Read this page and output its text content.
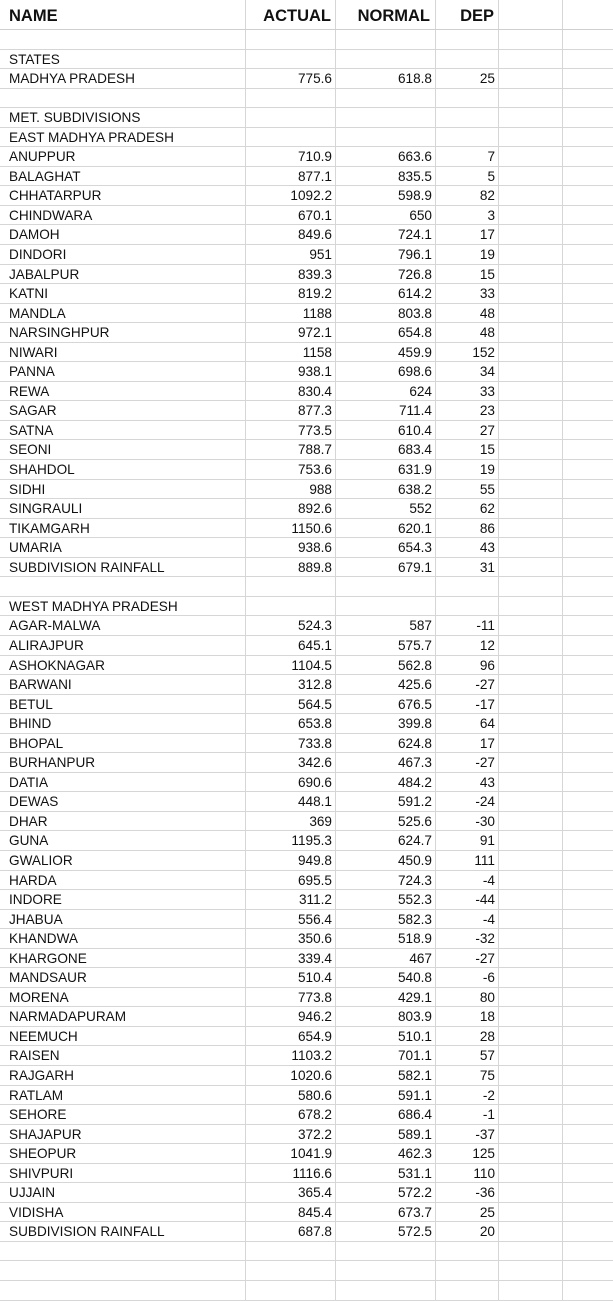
NAME	ACTUAL	NORMAL	DEP
STATES
MADHYA PRADESH	775.6	618.8	25
MET. SUBDIVISIONS
EAST MADHYA PRADESH
ANUPPUR	710.9	663.6	7
BALAGHAT	877.1	835.5	5
CHHATARPUR	1092.2	598.9	82
CHINDWARA	670.1	650	3
DAMOH	849.6	724.1	17
DINDORI	951	796.1	19
JABALPUR	839.3	726.8	15
KATNI	819.2	614.2	33
MANDLA	1188	803.8	48
NARSINGHPUR	972.1	654.8	48
NIWARI	1158	459.9	152
PANNA	938.1	698.6	34
REWA	830.4	624	33
SAGAR	877.3	711.4	23
SATNA	773.5	610.4	27
SEONI	788.7	683.4	15
SHAHDOL	753.6	631.9	19
SIDHI	988	638.2	55
SINGRAULI	892.6	552	62
TIKAMGARH	1150.6	620.1	86
UMARIA	938.6	654.3	43
SUBDIVISION RAINFALL	889.8	679.1	31
WEST MADHYA PRADESH
AGAR-MALWA	524.3	587	-11
ALIRAJPUR	645.1	575.7	12
ASHOKNAGAR	1104.5	562.8	96
BARWANI	312.8	425.6	-27
BETUL	564.5	676.5	-17
BHIND	653.8	399.8	64
BHOPAL	733.8	624.8	17
BURHANPUR	342.6	467.3	-27
DATIA	690.6	484.2	43
DEWAS	448.1	591.2	-24
DHAR	369	525.6	-30
GUNA	1195.3	624.7	91
GWALIOR	949.8	450.9	111
HARDA	695.5	724.3	-4
INDORE	311.2	552.3	-44
JHABUA	556.4	582.3	-4
KHANDWA	350.6	518.9	-32
KHARGONE	339.4	467	-27
MANDSAUR	510.4	540.8	-6
MORENA	773.8	429.1	80
NARMADAPURAM	946.2	803.9	18
NEEMUCH	654.9	510.1	28
RAISEN	1103.2	701.1	57
RAJGARH	1020.6	582.1	75
RATLAM	580.6	591.1	-2
SEHORE	678.2	686.4	-1
SHAJAPUR	372.2	589.1	-37
SHEOPUR	1041.9	462.3	125
SHIVPURI	1116.6	531.1	110
UJJAIN	365.4	572.2	-36
VIDISHA	845.4	673.7	25
SUBDIVISION RAINFALL	687.8	572.5	20
